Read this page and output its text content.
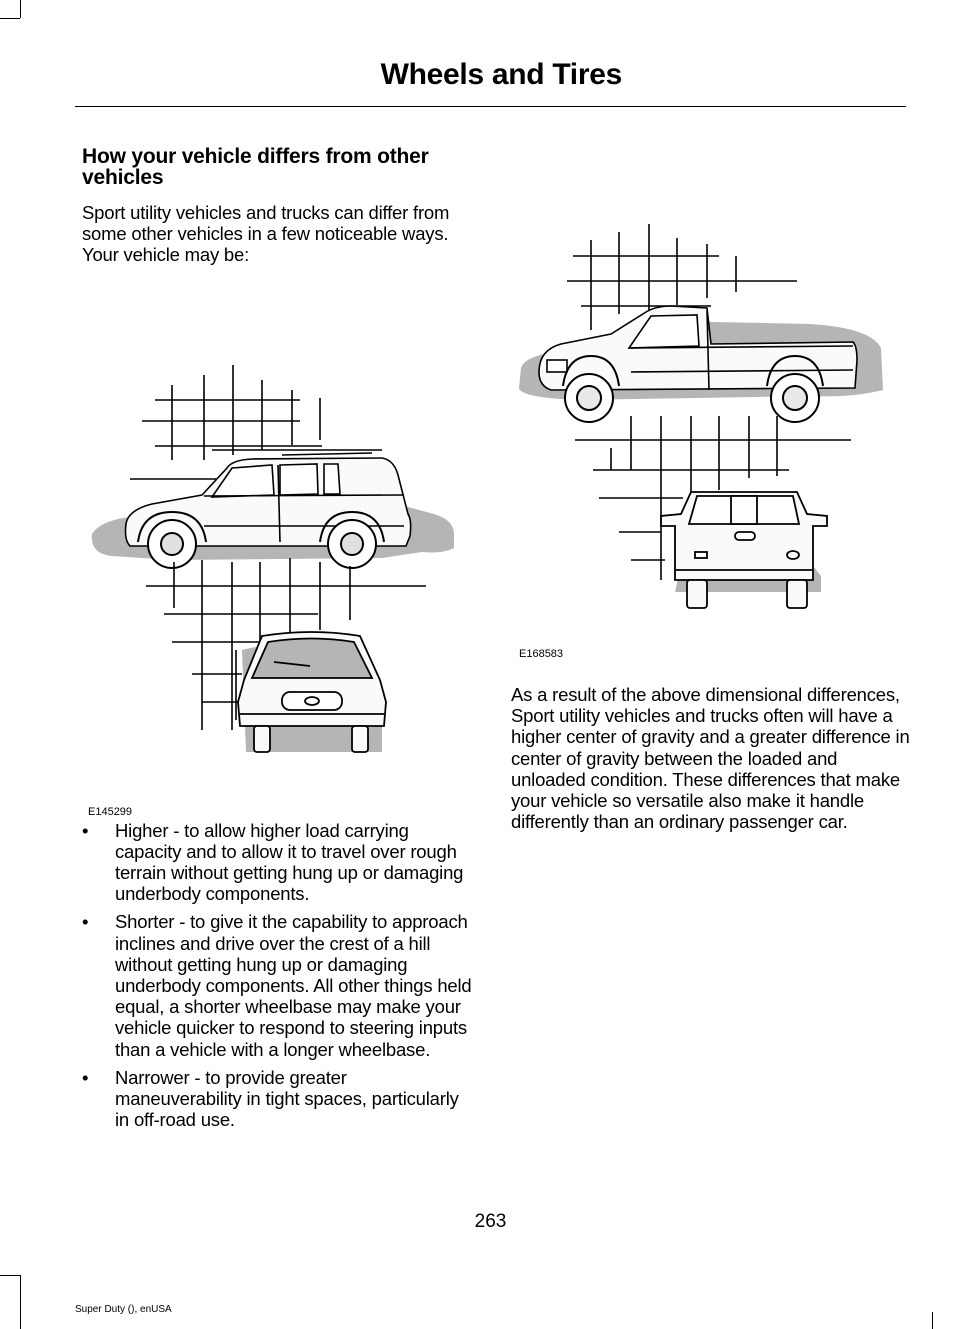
Wheels and Tires
How your vehicle differs from other vehicles

Sport utility vehicles and trucks can differ from some other vehicles in a few noticeable ways. Your vehicle may be:

E145299
• Higher - to allow higher load carrying capacity and to allow it to travel over rough terrain without getting hung up or damaging underbody components.
• Shorter - to give it the capability to approach inclines and drive over the crest of a hill without getting hung up or damaging underbody components. All other things held equal, a shorter wheelbase may make your vehicle quicker to respond to steering inputs than a vehicle with a longer wheelbase.
• Narrower - to provide greater maneuverability in tight spaces, particularly in off-road use.
E168583

As a result of the above dimensional differences, Sport utility vehicles and trucks often will have a higher center of gravity and a greater difference in center of gravity between the loaded and unloaded condition. These differences that make your vehicle so versatile also make it handle differently than an ordinary passenger car.

263
Super Duty (), enUSA
